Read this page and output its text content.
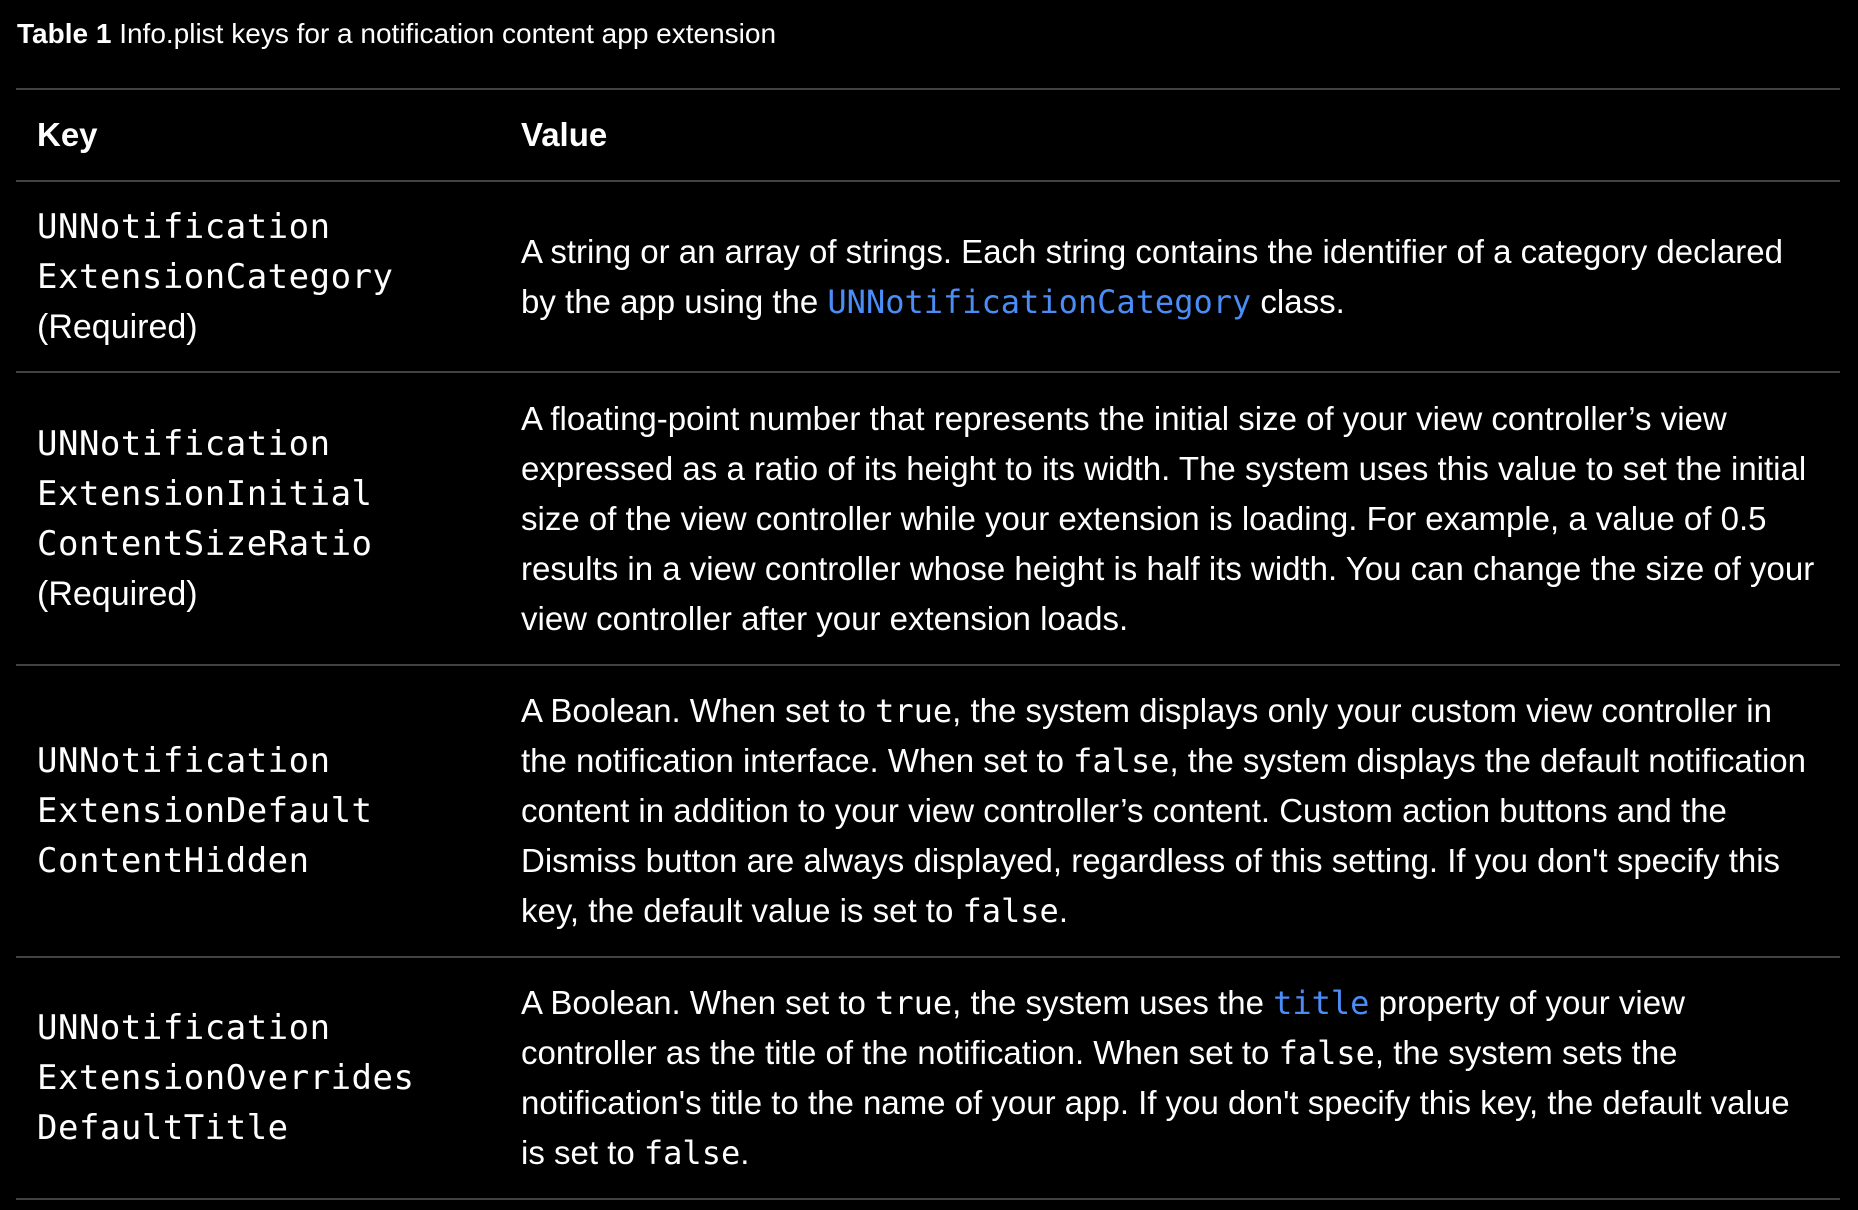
Table 1 Info.plist keys for a notification content app extension
Key	Value
UNNotification
ExtensionCategory
(Required)
A string or an array of strings. Each string contains the identifier of a category declared by the app using the UNNotificationCategory class.
UNNotification
ExtensionInitial
ContentSizeRatio
(Required)
A floating-point number that represents the initial size of your view controller’s view expressed as a ratio of its height to its width. The system uses this value to set the initial size of the view controller while your extension is loading. For example, a value of 0.5 results in a view controller whose height is half its width. You can change the size of your view controller after your extension loads.
UNNotification
ExtensionDefault
ContentHidden
A Boolean. When set to true, the system displays only your custom view controller in the notification interface. When set to false, the system displays the default notification content in addition to your view controller’s content. Custom action buttons and the Dismiss button are always displayed, regardless of this setting. If you don't specify this key, the default value is set to false.
UNNotification
ExtensionOverrides
DefaultTitle
A Boolean. When set to true, the system uses the title property of your view controller as the title of the notification. When set to false, the system sets the notification's title to the name of your app. If you don't specify this key, the default value is set to false.
